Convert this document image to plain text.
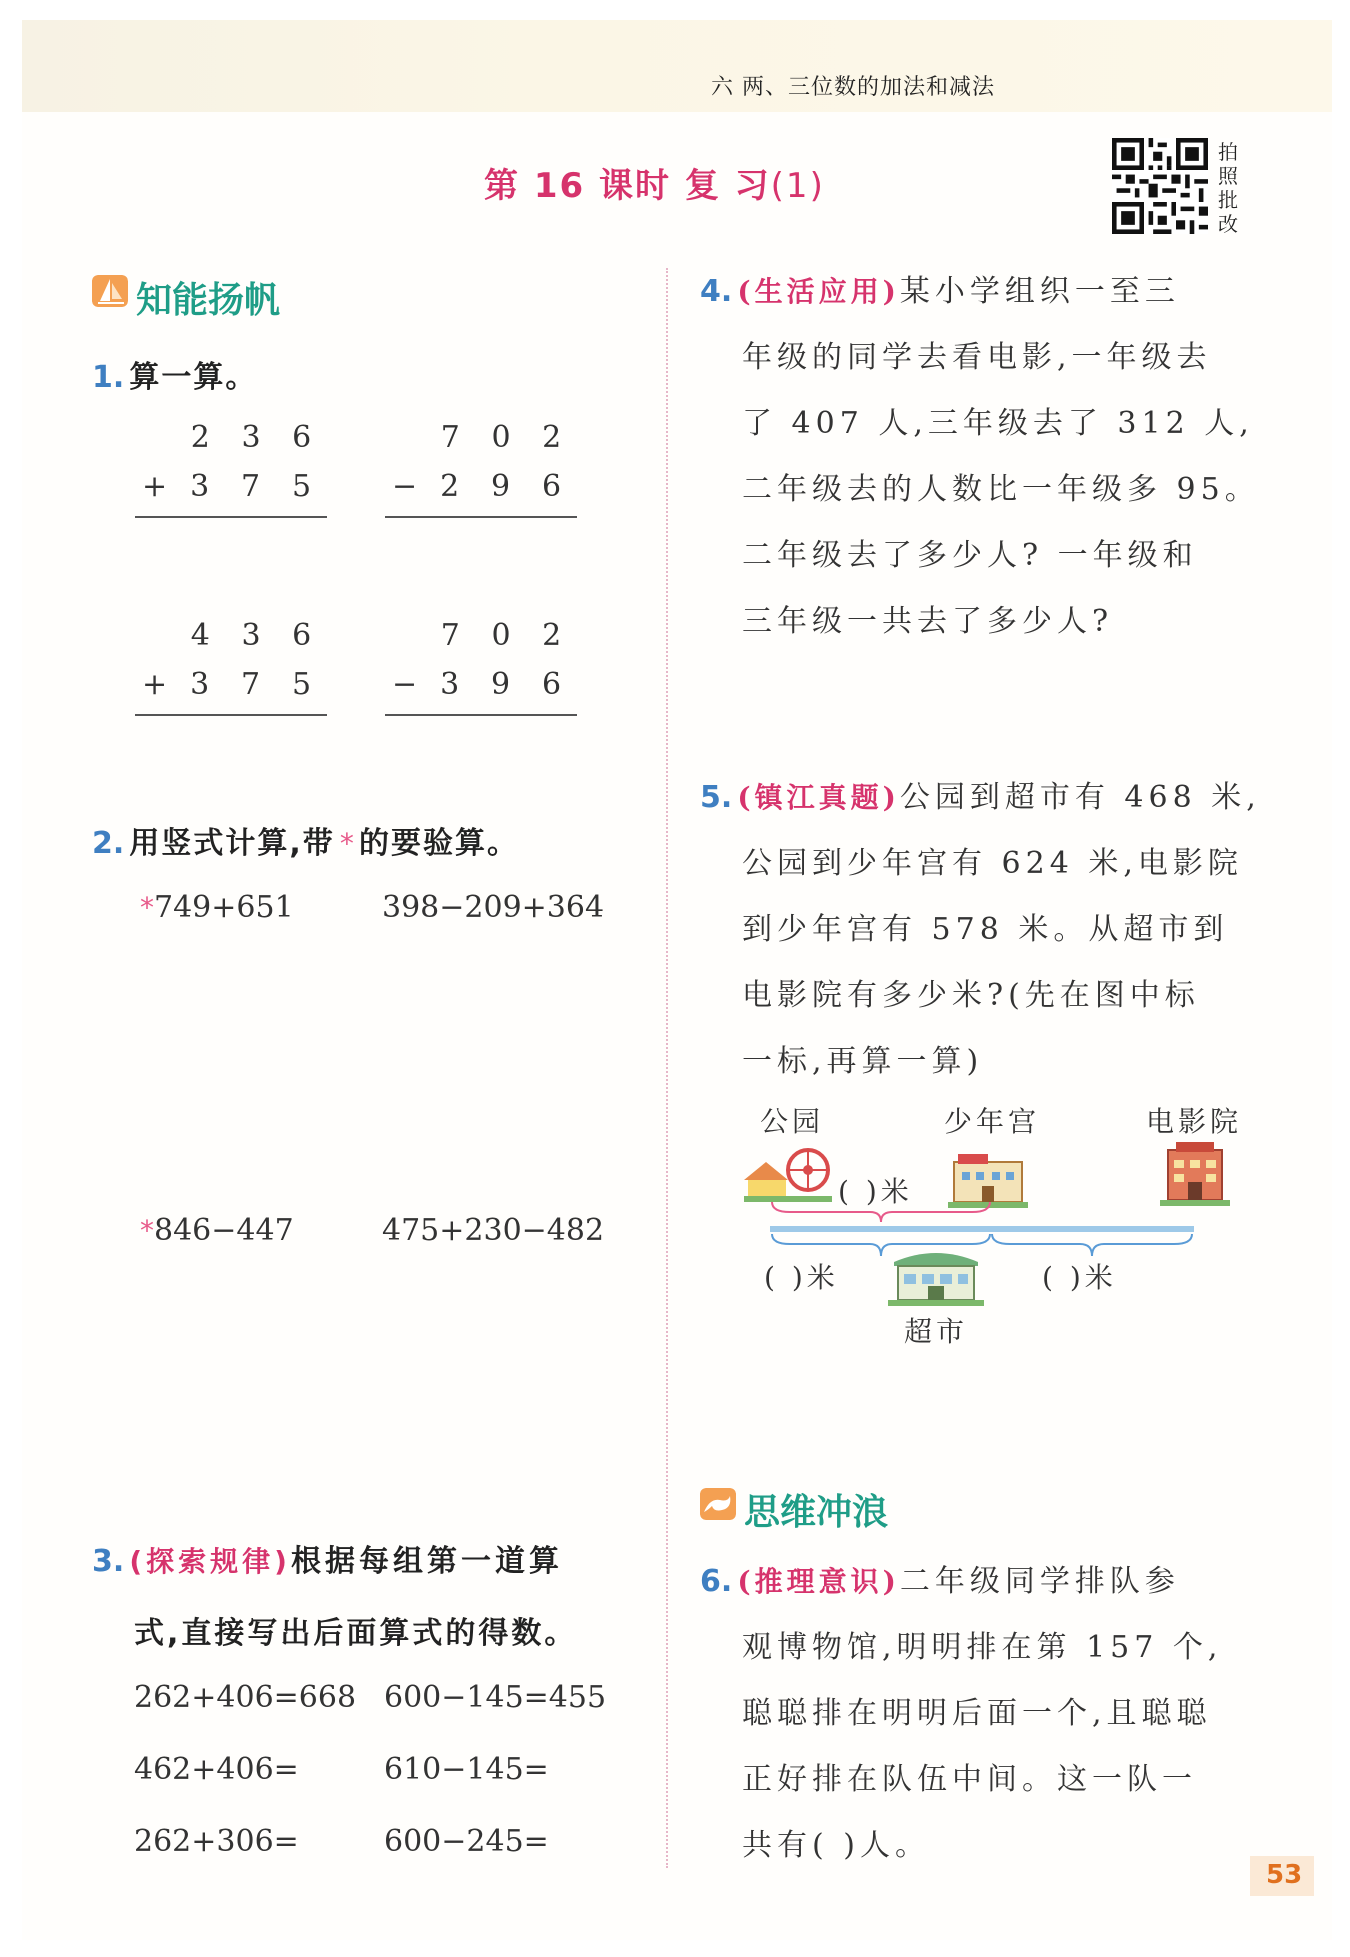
六 两、三位数的加法和减法
第 16 课时 复 习(1)
拍
照
批
改
知能扬帆
1. 算一算。
2	3	6
+ 3	7	5
7	0	2
− 2	9	6
4	3	6
+ 3	7	5
7	0	2
− 3	9	6
2. 用竖式计算,带 * 的要验算。
*749+651	398−209+364
*846−447	475+230−482
3. (探索规律)根据每组第一道算
式,直接写出后面算式的得数。
262+406=668 600−145=455
462+406=	610−145=
262+306=	600−245=
4. (生活应用)某小学组织一至三
年级的同学去看电影,一年级去
了 407 人,三年级去了 312 人,
二年级去的人数比一年级多 95。
二年级去了多少人? 一年级和
三年级一共去了多少人?
5. (镇江真题)公园到超市有 468 米,
公园到少年宫有 624 米,电影院
到少年宫有 578 米。从超市到
电影院有多少米?(先在图中标
一标,再算一算)
公园	少年宫	电影院
( )米
( )米	( )米
超市
思维冲浪
6. (推理意识)二年级同学排队参
观博物馆,明明排在第 157 个,
聪聪排在明明后面一个,且聪聪
正好排在队伍中间。这一队一
共有( )人。
53
